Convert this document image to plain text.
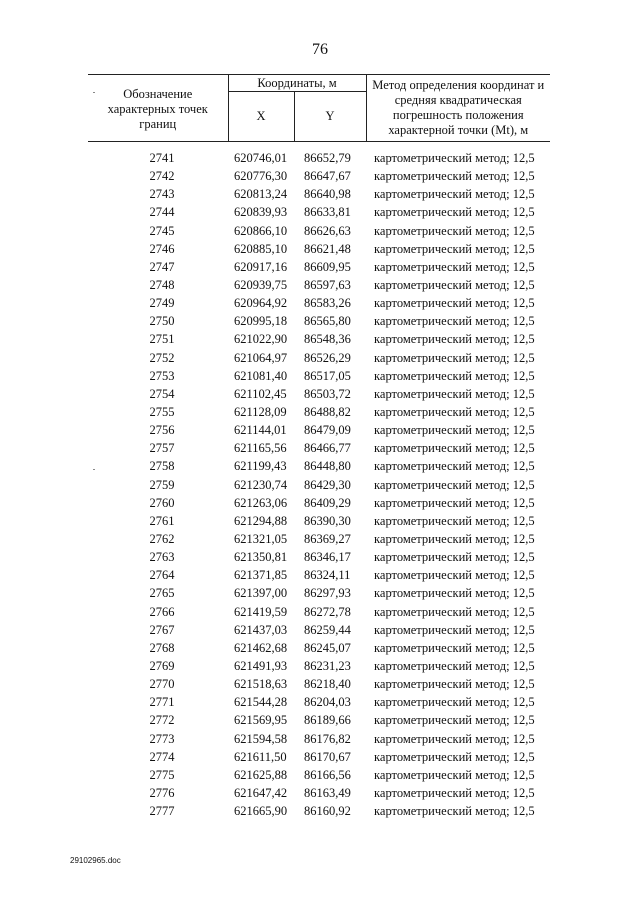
76
Обозначение характерных точек границ	Координаты, м		Метод определения координат и средняя квадратическая погрешность положения характерной точки (Mt), м
	X	Y	
2741	620746,01	86652,79	картометрический метод; 12,5
2742	620776,30	86647,67	картометрический метод; 12,5
2743	620813,24	86640,98	картометрический метод; 12,5
2744	620839,93	86633,81	картометрический метод; 12,5
2745	620866,10	86626,63	картометрический метод; 12,5
2746	620885,10	86621,48	картометрический метод; 12,5
2747	620917,16	86609,95	картометрический метод; 12,5
2748	620939,75	86597,63	картометрический метод; 12,5
2749	620964,92	86583,26	картометрический метод; 12,5
2750	620995,18	86565,80	картометрический метод; 12,5
2751	621022,90	86548,36	картометрический метод; 12,5
2752	621064,97	86526,29	картометрический метод; 12,5
2753	621081,40	86517,05	картометрический метод; 12,5
2754	621102,45	86503,72	картометрический метод; 12,5
2755	621128,09	86488,82	картометрический метод; 12,5
2756	621144,01	86479,09	картометрический метод; 12,5
2757	621165,56	86466,77	картометрический метод; 12,5
2758	621199,43	86448,80	картометрический метод; 12,5
2759	621230,74	86429,30	картометрический метод; 12,5
2760	621263,06	86409,29	картометрический метод; 12,5
2761	621294,88	86390,30	картометрический метод; 12,5
2762	621321,05	86369,27	картометрический метод; 12,5
2763	621350,81	86346,17	картометрический метод; 12,5
2764	621371,85	86324,11	картометрический метод; 12,5
2765	621397,00	86297,93	картометрический метод; 12,5
2766	621419,59	86272,78	картометрический метод; 12,5
2767	621437,03	86259,44	картометрический метод; 12,5
2768	621462,68	86245,07	картометрический метод; 12,5
2769	621491,93	86231,23	картометрический метод; 12,5
2770	621518,63	86218,40	картометрический метод; 12,5
2771	621544,28	86204,03	картометрический метод; 12,5
2772	621569,95	86189,66	картометрический метод; 12,5
2773	621594,58	86176,82	картометрический метод; 12,5
2774	621611,50	86170,67	картометрический метод; 12,5
2775	621625,88	86166,56	картометрический метод; 12,5
2776	621647,42	86163,49	картометрический метод; 12,5
2777	621665,90	86160,92	картометрический метод; 12,5
29102965.doc
